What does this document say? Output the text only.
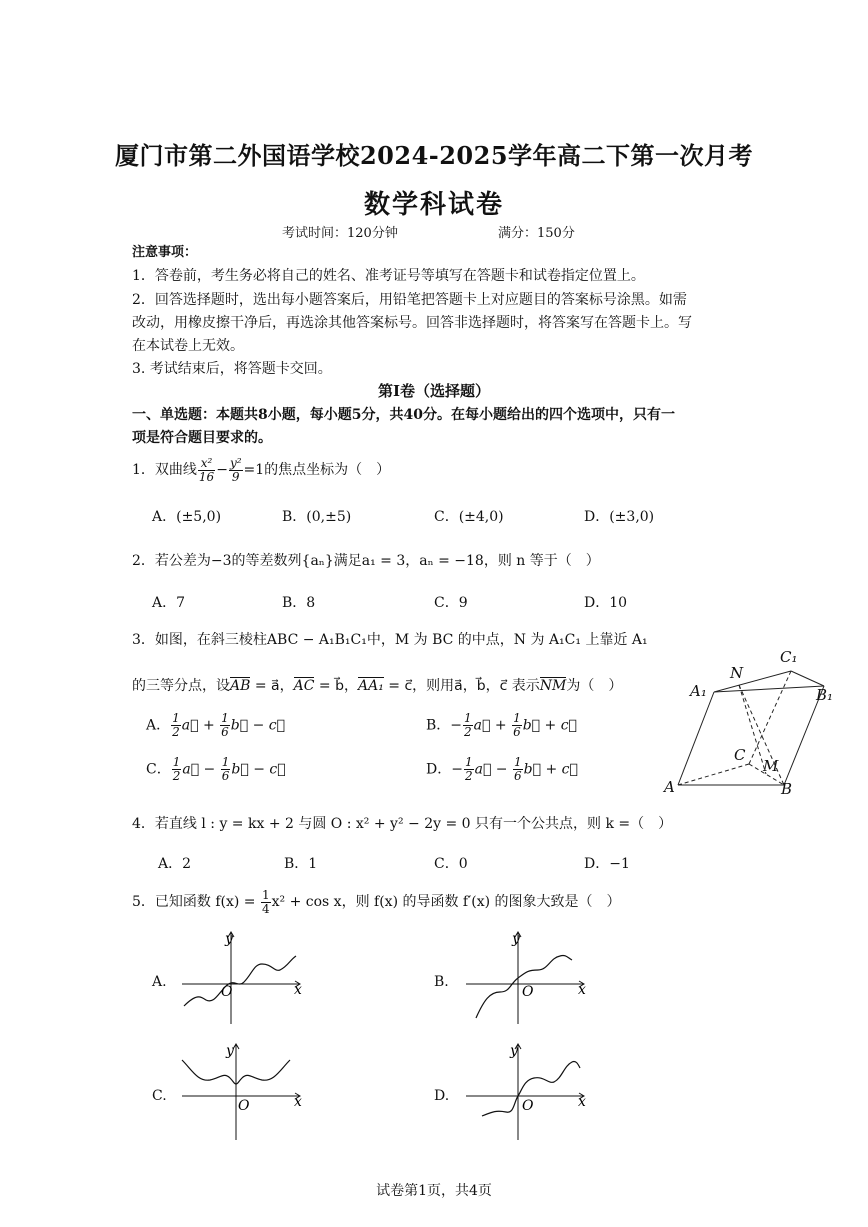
厦门市第二外国语学校2024-2025学年高二下第一次月考
数学科试卷
考试时间：120分钟	满分：150分
注意事项：
1．答卷前，考生务必将自己的姓名、准考证号等填写在答题卡和试卷指定位置上。
2．回答选择题时，选出每小题答案后，用铅笔把答题卡上对应题目的答案标号涂黑。如需
改动，用橡皮擦干净后，再选涂其他答案标号。回答非选择题时，将答案写在答题卡上。写
在本试卷上无效。
3. 考试结束后，将答题卡交回。
第Ⅰ卷（选择题）
一、单选题：本题共8小题，每小题5分，共40分。在每小题给出的四个选项中，只有一
项是符合题目要求的。
1．双曲线 $\frac{\text{x²}}{16} - \frac{\text{y²}}{9} =1$的焦点坐标为（　）
A．(±5,0)	B．(0,±5)	C．(±4,0)	D．(±3,0)
2．若公差为−3的等差数列{aₙ}满足a₁ = 3，aₙ = −18，则 n 等于（　）
A．7	B．8	C．9	D．10
3．如图，在斜三棱柱ABC − A₁B₁C₁中，M 为 BC 的中点，N 为 A₁C₁ 上靠近 A₁
的三等分点，设AB = a⃗，AC = b⃗，AA₁ = c⃗，则用a⃗，b⃗，c⃗ 表示NM为（　）
A． $\frac{1}{2}$ a⃗ + $\frac{1}{6}$ b⃗ − c⃗	B．− $\frac{1}{2}$ a⃗ + $\frac{1}{6}$ b⃗ + c⃗
C． $\frac{1}{2}$ a⃗ − $\frac{1}{6}$ b⃗ − c⃗	D．− $\frac{1}{2}$ a⃗ − $\frac{1}{6}$ b⃗ + c⃗
A	B
C
A₁	B₁
C₁
M
N
4．若直线 l : y = kx + 2 与圆 O : x² + y² − 2y = 0 只有一个公共点，则 k =（　）
A．2	B．1	C．0	D．−1
5．已知函数 $f(x) = \frac{1}{4} x^2 + \cos x$，则 f(x) 的导函数 f′(x) 的图象大致是（　）
A.
y
x
O
B.
y
x
O
C.
y
x
O
D.
y
x
O
试卷第1页，共4页
